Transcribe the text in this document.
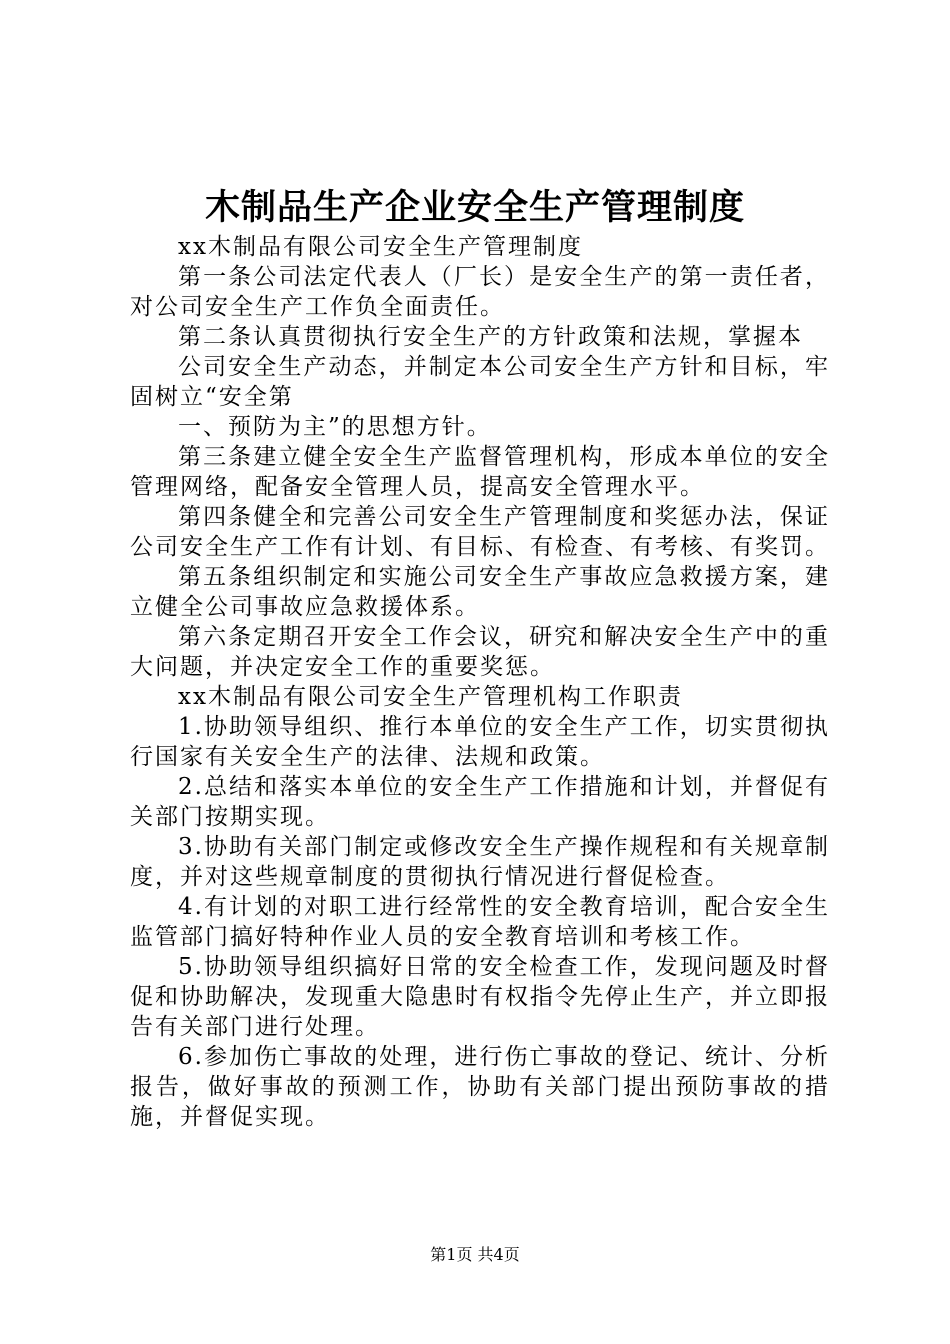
木制品生产企业安全生产管理制度

xx木制品有限公司安全生产管理制度

第一条公司法定代表人（厂长）是安全生产的第一责任者，对公司安全生产工作负全面责任。

第二条认真贯彻执行安全生产的方针政策和法规，掌握本

公司安全生产动态，并制定本公司安全生产方针和目标，牢固树立“安全第

一、预防为主”的思想方针。

第三条建立健全安全生产监督管理机构，形成本单位的安全管理网络，配备安全管理人员，提高安全管理水平。

第四条健全和完善公司安全生产管理制度和奖惩办法，保证公司安全生产工作有计划、有目标、有检查、有考核、有奖罚。

第五条组织制定和实施公司安全生产事故应急救援方案，建立健全公司事故应急救援体系。

第六条定期召开安全工作会议，研究和解决安全生产中的重大问题，并决定安全工作的重要奖惩。

xx木制品有限公司安全生产管理机构工作职责

1.协助领导组织、推行本单位的安全生产工作，切实贯彻执行国家有关安全生产的法律、法规和政策。

2.总结和落实本单位的安全生产工作措施和计划，并督促有关部门按期实现。

3.协助有关部门制定或修改安全生产操作规程和有关规章制度，并对这些规章制度的贯彻执行情况进行督促检查。

4.有计划的对职工进行经常性的安全教育培训，配合安全生监管部门搞好特种作业人员的安全教育培训和考核工作。

5.协助领导组织搞好日常的安全检查工作，发现问题及时督促和协助解决，发现重大隐患时有权指令先停止生产，并立即报告有关部门进行处理。

6.参加伤亡事故的处理，进行伤亡事故的登记、统计、分析报告，做好事故的预测工作，协助有关部门提出预防事故的措施，并督促实现。

第1页 共4页
